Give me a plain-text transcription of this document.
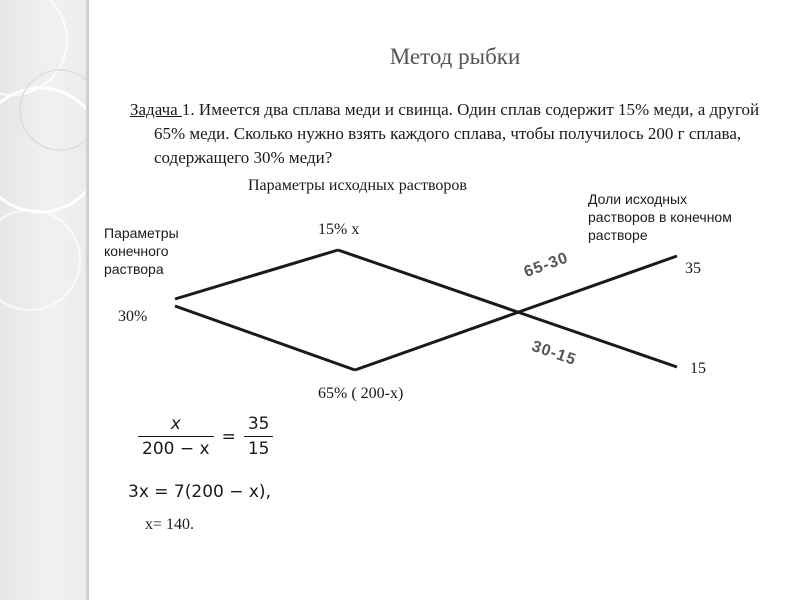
Метод рыбки

Задача 1. Имеется два сплава меди и свинца. Один сплав содержит 15% меди, а другой 65% меди. Сколько нужно взять каждого сплава, чтобы получилось 200 г сплава, содержащего 30% меди?

Параметры исходных растворов
15% x
Параметры конечного раствора
Доли исходных растворов в конечном растворе
30%
65% ( 200-x)
35
15
65-30
30-15
$\frac{x}{200 - x} = \frac{35}{15}$
3x = 7(200 − x),
x= 140.
